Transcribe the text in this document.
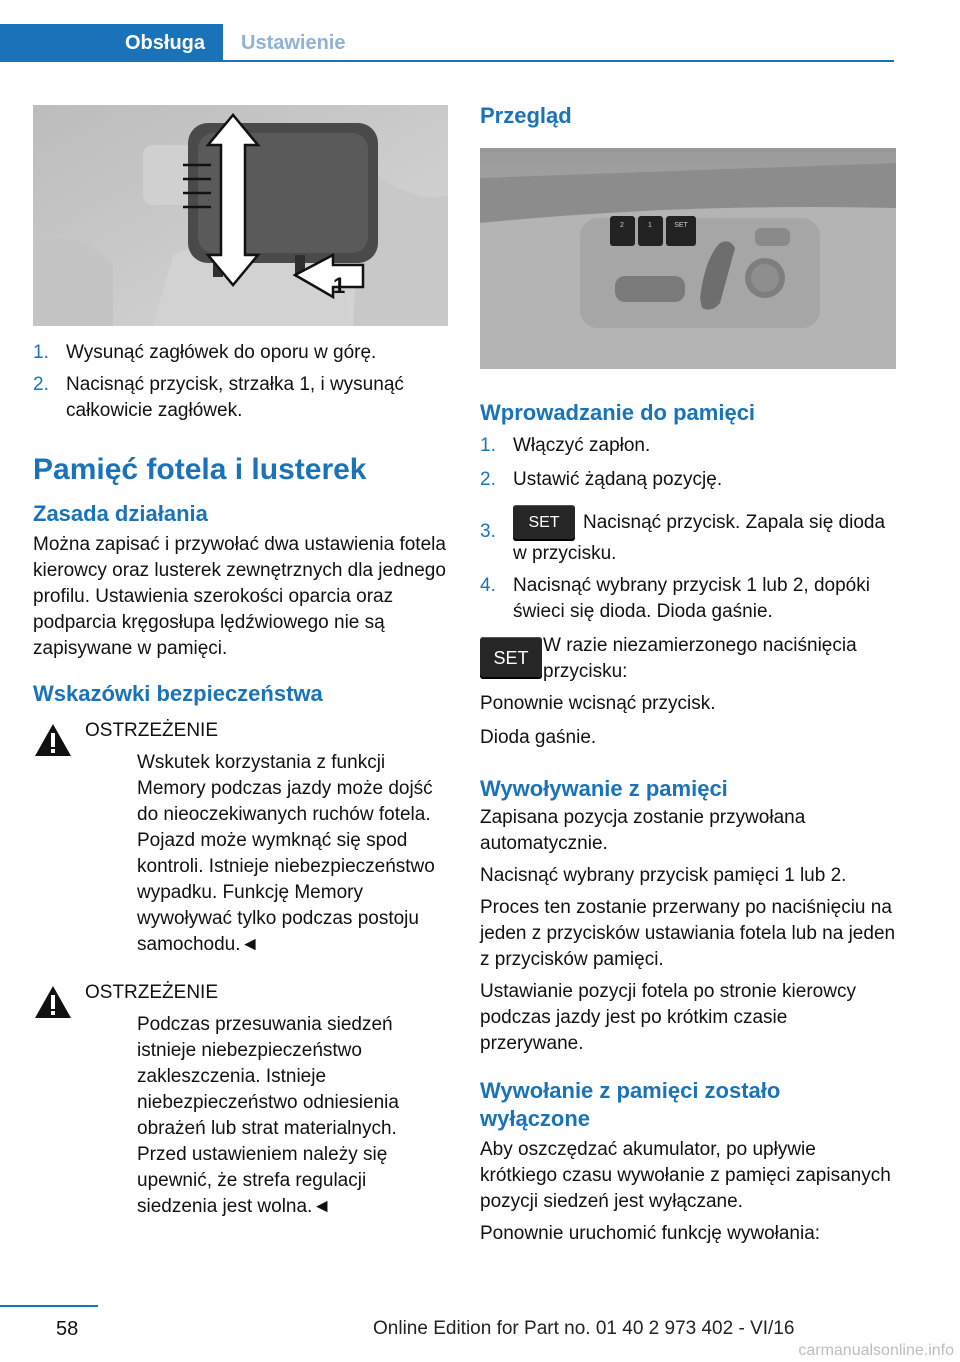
Obsługa	Ustawienie
1
1. Wysunąć zagłówek do oporu w górę.
2. Nacisnąć przycisk, strzałka 1, i wysunąć całkowicie zagłówek.
Pamięć fotela i lusterek
Zasada działania

Można zapisać i przywołać dwa ustawienia fotela kierowcy oraz lusterek zewnętrznych dla jednego profilu. Ustawienia szerokości oparcia oraz podparcia kręgosłupa lędźwiowego nie są zapisywane w pamięci.

Wskazówki bezpieczeństwa
OSTRZEŻENIE
Wskutek korzystania z funkcji Memory podczas jazdy może dojść do nieoczekiwanych ruchów fotela. Pojazd może wymknąć się spod kontroli. Istnieje niebezpieczeństwo wypadku. Funkcję Memory wywoływać tylko podczas postoju samochodu.◄
OSTRZEŻENIE
Podczas przesuwania siedzeń istnieje niebezpieczeństwo zakleszczenia. Istnieje niebezpieczeństwo odniesienia obrażeń lub strat materialnych. Przed ustawieniem należy się upewnić, że strefa regulacji siedzenia jest wolna.◄
Przegląd
2	1	SET
Wprowadzanie do pamięci
1. Włączyć zapłon.
2. Ustawić żądaną pozycję.
3. SET Nacisnąć przycisk. Zapala się dioda w przycisku.
4. Nacisnąć wybrany przycisk 1 lub 2, dopóki świeci się dioda. Dioda gaśnie.
SET

W razie niezamierzonego naciśnięcia przycisku:

Ponownie wcisnąć przycisk.

Dioda gaśnie.

Wywoływanie z pamięci

Zapisana pozycja zostanie przywołana automatycznie.

Nacisnąć wybrany przycisk pamięci 1 lub 2.

Proces ten zostanie przerwany po naciśnięciu na jeden z przycisków ustawiania fotela lub na jeden z przycisków pamięci.

Ustawianie pozycji fotela po stronie kierowcy podczas jazdy jest po krótkim czasie przerywane.

Wywołanie z pamięci zostało wyłączone

Aby oszczędzać akumulator, po upływie krótkiego czasu wywołanie z pamięci zapisanych pozycji siedzeń jest wyłączane.

Ponownie uruchomić funkcję wywołania:

58	Online Edition for Part no. 01 40 2 973 402 - VI/16
carmanualsonline.info
